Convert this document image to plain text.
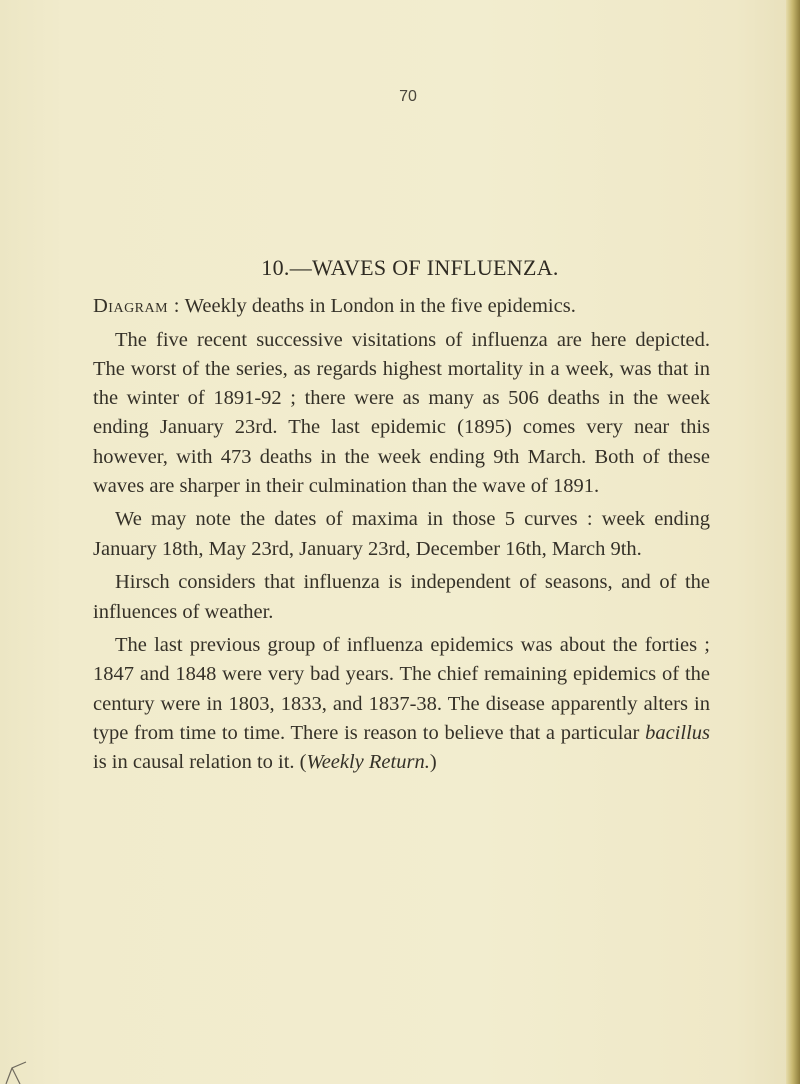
70
10.—WAVES OF INFLUENZA.

Diagram : Weekly deaths in London in the five epidemics.

The five recent successive visitations of influenza are here depicted. The worst of the series, as regards highest mortality in a week, was that in the winter of 1891-92 ; there were as many as 506 deaths in the week ending January 23rd. The last epidemic (1895) comes very near this however, with 473 deaths in the week ending 9th March. Both of these waves are sharper in their culmination than the wave of 1891.

We may note the dates of maxima in those 5 curves : week ending January 18th, May 23rd, January 23rd, December 16th, March 9th.

Hirsch considers that influenza is independent of seasons, and of the influences of weather.

The last previous group of influenza epidemics was about the forties ; 1847 and 1848 were very bad years. The chief remaining epidemics of the century were in 1803, 1833, and 1837-38. The disease apparently alters in type from time to time. There is reason to believe that a particular bacillus is in causal relation to it. (Weekly Return.)
